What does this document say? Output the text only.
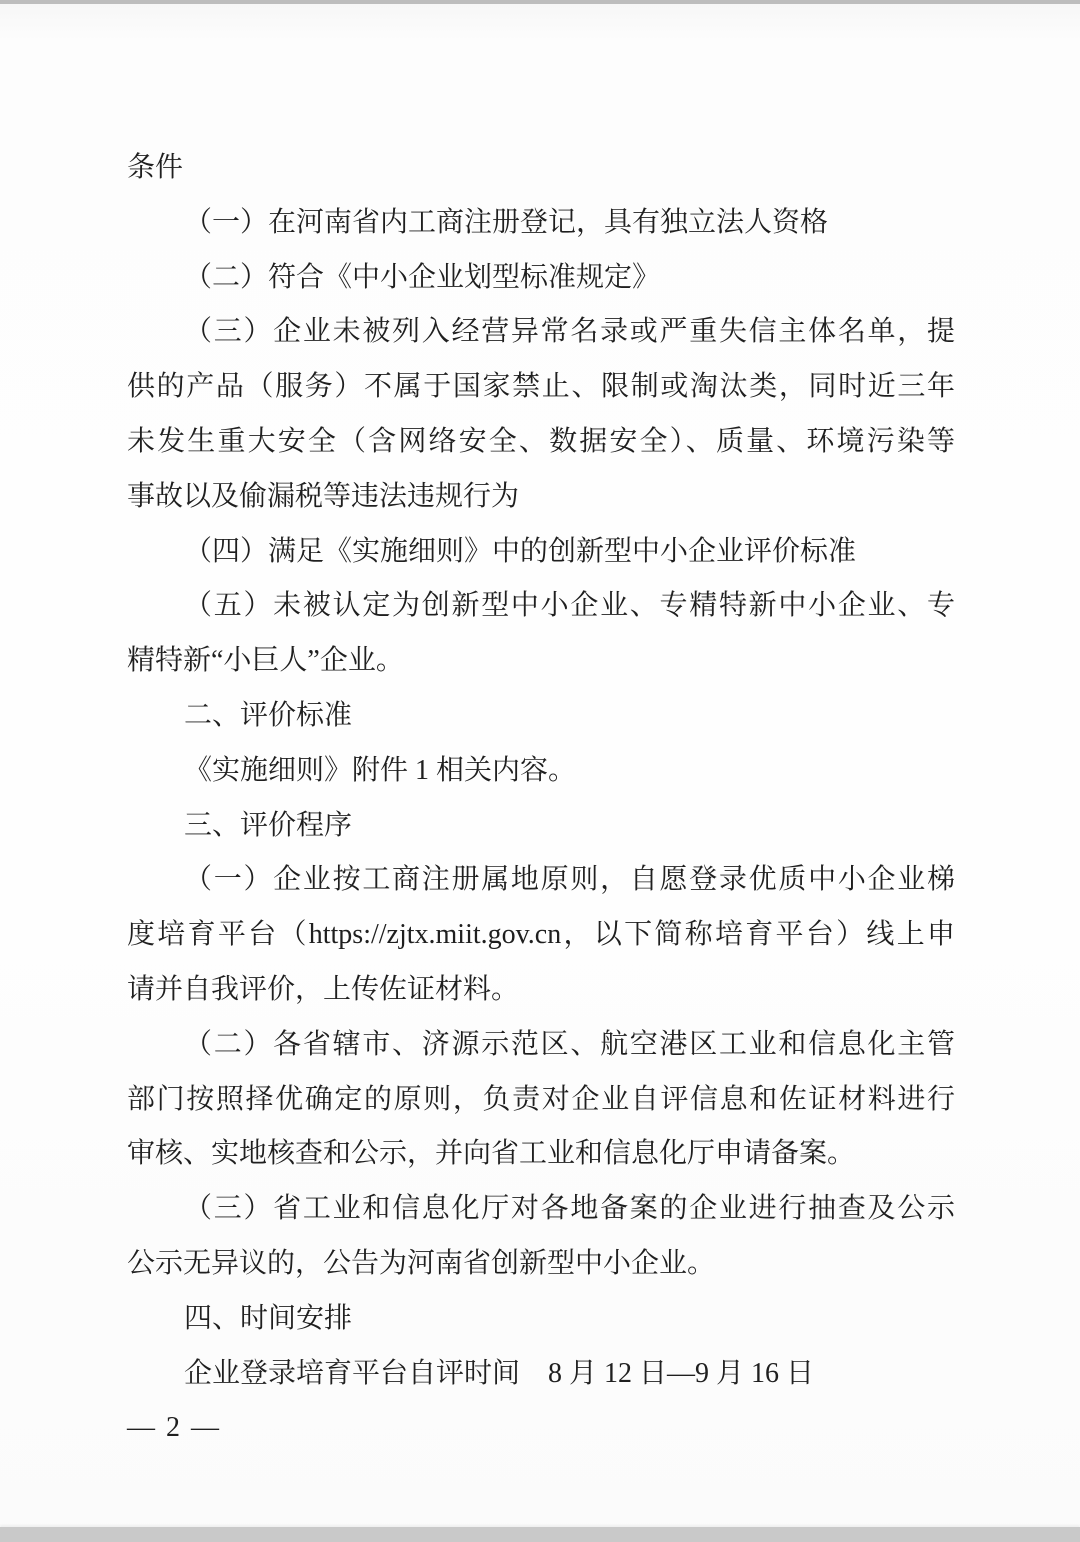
条件
（一）在河南省内工商注册登记，具有独立法人资格
（二）符合《中小企业划型标准规定》
（三）企业未被列入经营异常名录或严重失信主体名单，提
供的产品（服务）不属于国家禁止、限制或淘汰类，同时近三年
未发生重大安全（含网络安全、数据安全）、质量、环境污染等
事故以及偷漏税等违法违规行为
（四）满足《实施细则》中的创新型中小企业评价标准
（五）未被认定为创新型中小企业、专精特新中小企业、专
精特新“小巨人”企业。
二、评价标准
《实施细则》附件 1 相关内容。
三、评价程序
（一）企业按工商注册属地原则，自愿登录优质中小企业梯
度培育平台（https://zjtx.miit.gov.cn，以下简称培育平台）线上申
请并自我评价，上传佐证材料。
（二）各省辖市、济源示范区、航空港区工业和信息化主管
部门按照择优确定的原则，负责对企业自评信息和佐证材料进行
审核、实地核查和公示，并向省工业和信息化厅申请备案。
（三）省工业和信息化厅对各地备案的企业进行抽查及公示
公示无异议的，公告为河南省创新型中小企业。
四、时间安排
企业登录培育平台自评时间　8 月 12 日—9 月 16 日
— 2 —
